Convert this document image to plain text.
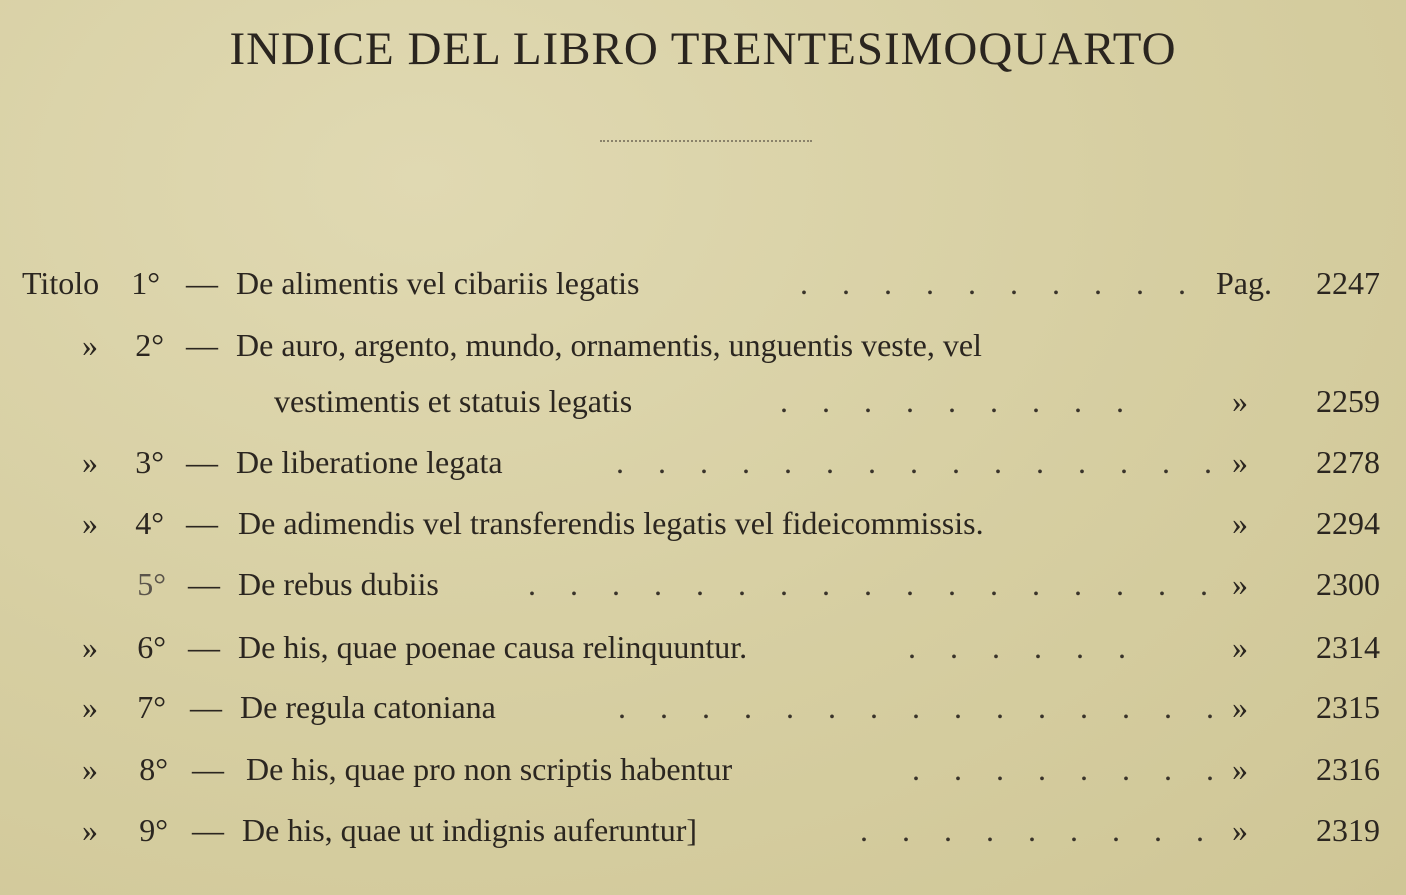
INDICE DEL LIBRO TRENTESIMOQUARTO
Titolo	1° — De alimentis vel cibariis legatis	. . . . . . . . . . Pag. 2247
»	2° — De auro, argento, mundo, ornamentis, unguentis veste, vel
vestimentis et statuis legatis	. . . . . . . . .	» 2259
»	3° — De liberatione legata	. . . . . . . . . . . . . . . » 2278
»	4° — De adimendis vel transferendis legatis vel fideicommissis.	» 2294
5° — De rebus dubiis	. . . . . . . . . . . . . . . . . » 2300
»	6° — De his, quae poenae causa relinquuntur.	. . . . . .	» 2314
»	7° — De regula catoniana	. . . . . . . . . . . . . . . » 2315
»	8° — De his, quae pro non scriptis habentur	. . . . . . . . » 2316
»	9° — De his, quae ut indignis auferuntur]	. . . . . . . . . » 2319
